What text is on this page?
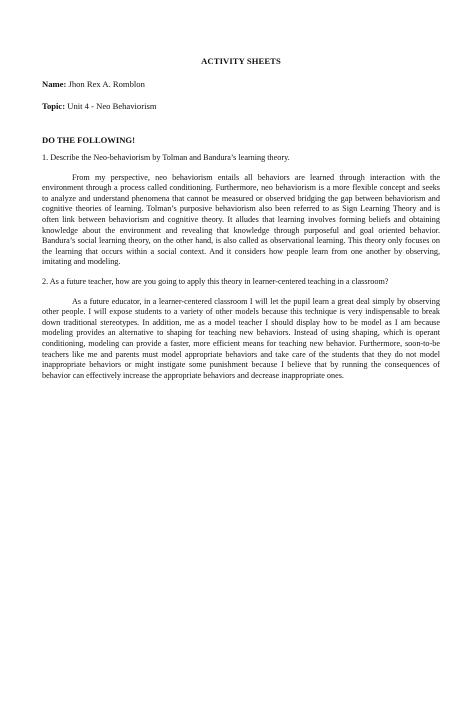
ACTIVITY SHEETS
Name: Jhon Rex A. Romblon
Topic: Unit 4 - Neo Behaviorism
DO THE FOLLOWING!

1. Describe the Neo-behaviorism by Tolman and Bandura’s learning theory.

From my perspective, neo behaviorism entails all behaviors are learned through interaction with the environment through a process called conditioning. Furthermore, neo behaviorism is a more flexible concept and seeks to analyze and understand phenomena that cannot be measured or observed bridging the gap between behaviorism and cognitive theories of learning. Tolman’s purposive behaviorism also been referred to as Sign Learning Theory and is often link between behaviorism and cognitive theory. It alludes that learning involves forming beliefs and obtaining knowledge about the environment and revealing that knowledge through purposeful and goal oriented behavior. Bandura’s social learning theory, on the other hand, is also called as observational learning. This theory only focuses on the learning that occurs within a social context. And it considers how people learn from one another by observing, imitating and modeling.

2. As a future teacher, how are you going to apply this theory in learner-centered teaching in a classroom?

As a future educator, in a learner-centered classroom I will let the pupil learn a great deal simply by observing other people. I will expose students to a variety of other models because this technique is very indispensable to break down traditional stereotypes. In addition, me as a model teacher I should display how to be model as I am because modeling provides an alternative to shaping for teaching new behaviors. Instead of using shaping, which is operant conditioning, modeling can provide a faster, more efficient means for teaching new behavior. Furthermore, soon-to-be teachers like me and parents must model appropriate behaviors and take care of the students that they do not model inappropriate behaviors or might instigate some punishment because I believe that by running the consequences of behavior can effectively increase the appropriate behaviors and decrease inappropriate ones.
